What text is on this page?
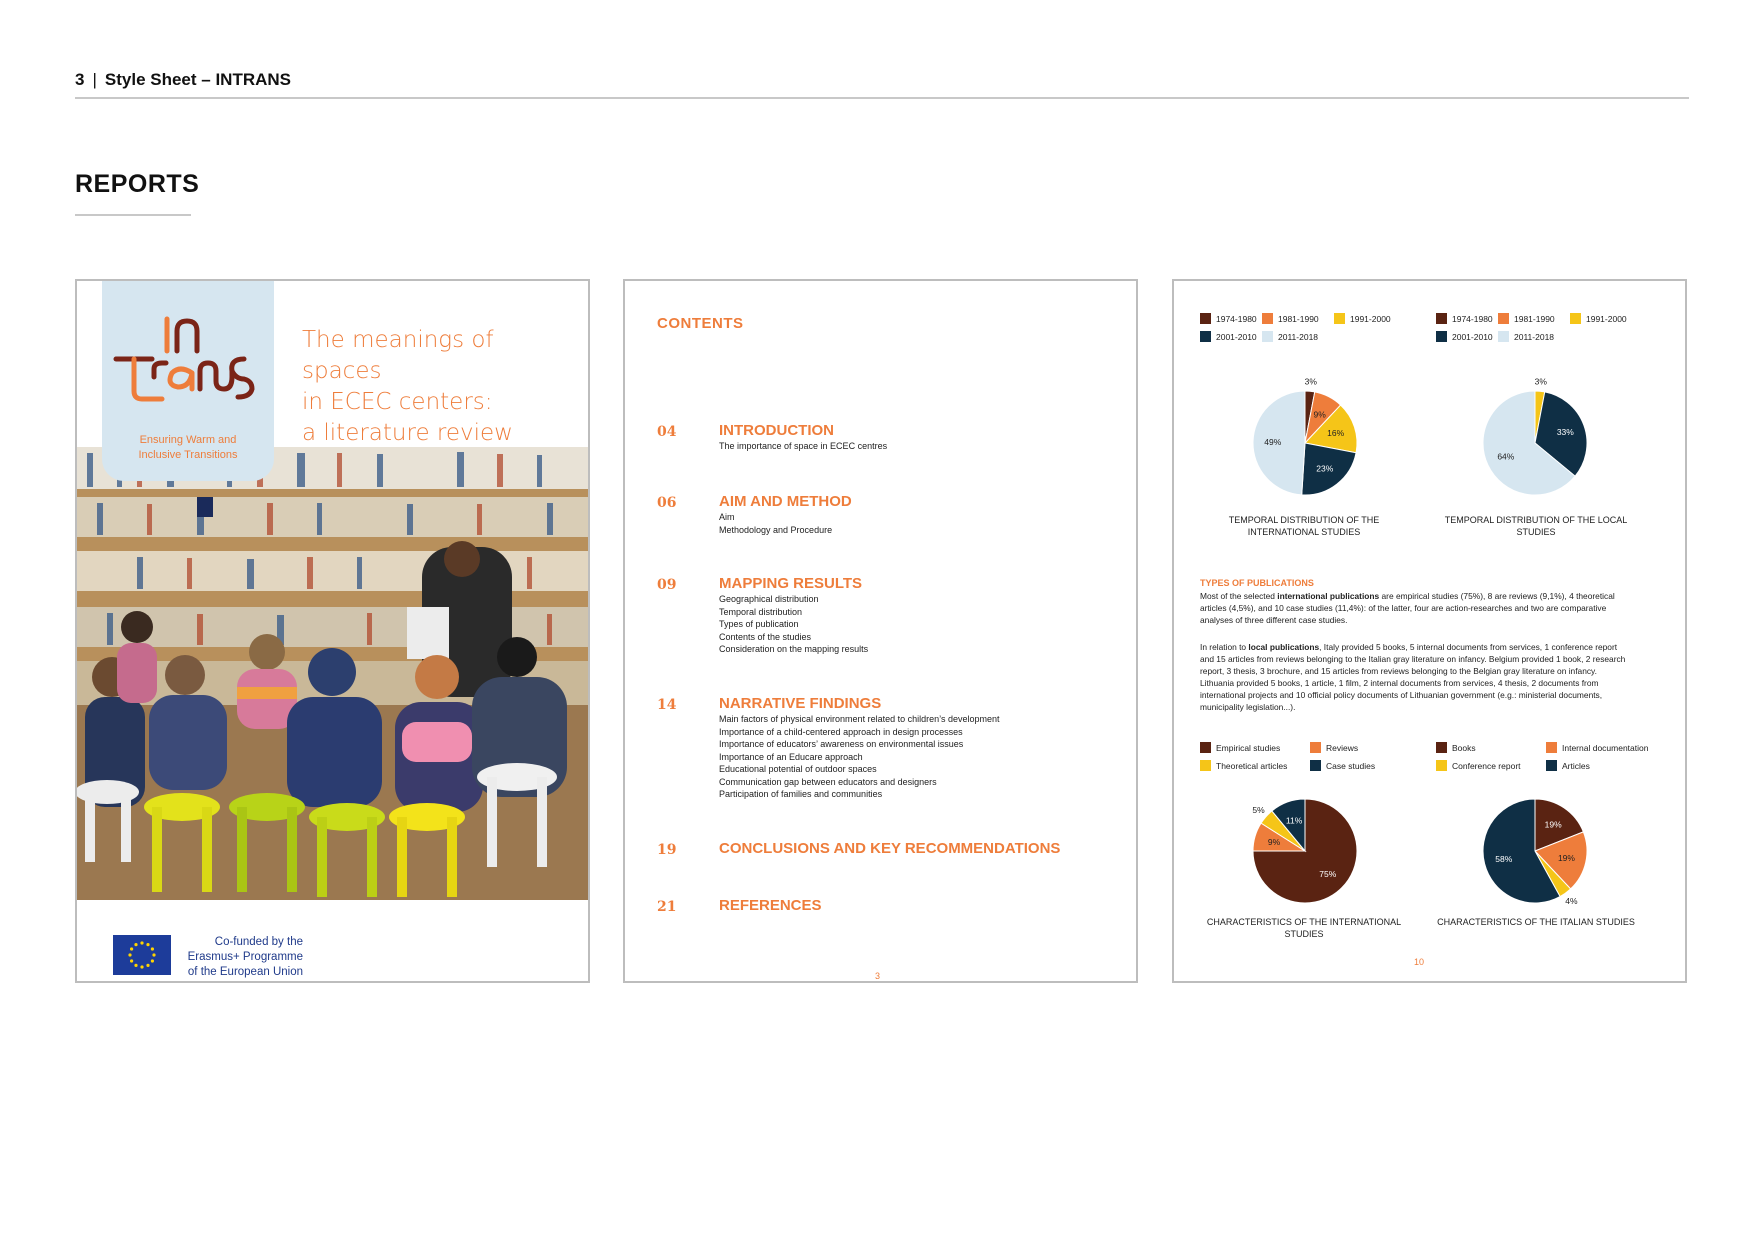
3 | Style Sheet – INTRANS
REPORTS
Ensuring Warm and
Inclusive Transitions
The meanings of spaces
in ECEC centers:
a literature review
Co-funded by the
Erasmus+ Programme
of the European Union
CONTENTS
04	INTRODUCTION
The importance of space in ECEC centres
06	AIM AND METHOD
Aim
Methodology and Procedure
09	MAPPING RESULTS
Geographical distribution
Temporal distribution
Types of publication
Contents of the studies
Consideration on the mapping results
14	NARRATIVE FINDINGS
Main factors of physical environment related to children’s development
Importance of a child-centered approach in design processes
Importance of educators’ awareness on environmental issues
Importance of an Educare approach
Educational potential of outdoor spaces
Communication gap between educators and designers
Participation of families and communities
19	CONCLUSIONS AND KEY RECOMMENDATIONS
21	REFERENCES
3
1974-1980	1981-1990	1991-2000
2001-2010	2011-2018
1974-1980	1981-1990	1991-2000
2001-2010	2011-2018
3%
9%
16%
23%
49%
3%
33%
64%
TEMPORAL DISTRIBUTION OF THE INTERNATIONAL STUDIES
TEMPORAL DISTRIBUTION OF THE LOCAL STUDIES
TYPES OF PUBLICATIONS

Most of the selected international publications are empirical studies (75%), 8 are reviews (9,1%), 4 theoretical articles (4,5%), and 10 case studies (11,4%): of the latter, four are action-researches and two are comparative analyses of three different case studies.

In relation to local publications, Italy provided 5 books, 5 internal documents from services, 1 conference report and 15 articles from reviews belonging to the Italian gray literature on infancy. Belgium provided 1 book, 2 research report, 3 thesis, 3 brochure, and 15 articles from reviews belonging to the Belgian gray literature on infancy. Lithuania provided 5 books, 1 article, 1 film, 2 internal documents from services, 4 thesis, 2 documents from international projects and 10 official policy documents of Lithuanian government (e.g.: ministerial documents, municipality legislation...).

Empirical studies	Reviews
Theoretical articles	Case studies
Books	Internal documentation
Conference report	Articles
75%
9%
5%
11%	19%
19%
4%
58%
CHARACTERISTICS OF THE INTERNATIONAL STUDIES
CHARACTERISTICS OF THE ITALIAN STUDIES
10
